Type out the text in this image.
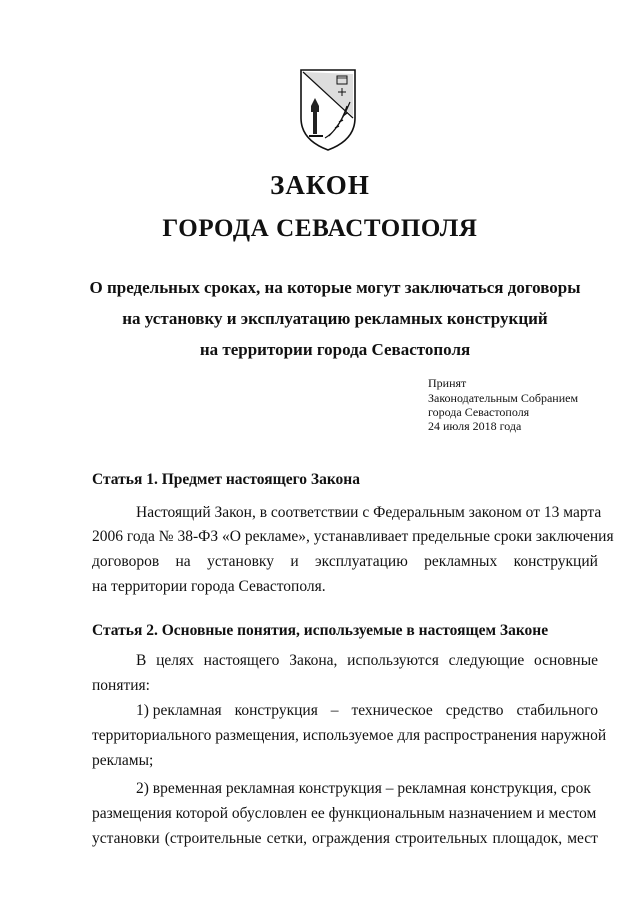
ЗАКОН
ГОРОДА СЕВАСТОПОЛЯ
О предельных сроках, на которые могут заключаться договоры
на установку и эксплуатацию рекламных конструкций
на территории города Севастополя
Принят
Законодательным Собранием
города Севастополя
24 июля 2018 года
Статья 1. Предмет настоящего Закона
Настоящий Закон, в соответствии с Федеральным законом от 13 марта
2006 года № 38-ФЗ «О рекламе», устанавливает предельные сроки заключения
договоров на установку и эксплуатацию рекламных конструкций
на территории города Севастополя.
Статья 2. Основные понятия, используемые в настоящем Законе
В целях настоящего Закона, используются следующие основные
понятия:
1) рекламная конструкция – техническое средство стабильного
территориального размещения, используемое для распространения наружной
рекламы;
2) временная рекламная конструкция – рекламная конструкция, срок
размещения которой обусловлен ее функциональным назначением и местом
установки (строительные сетки, ограждения строительных площадок, мест
